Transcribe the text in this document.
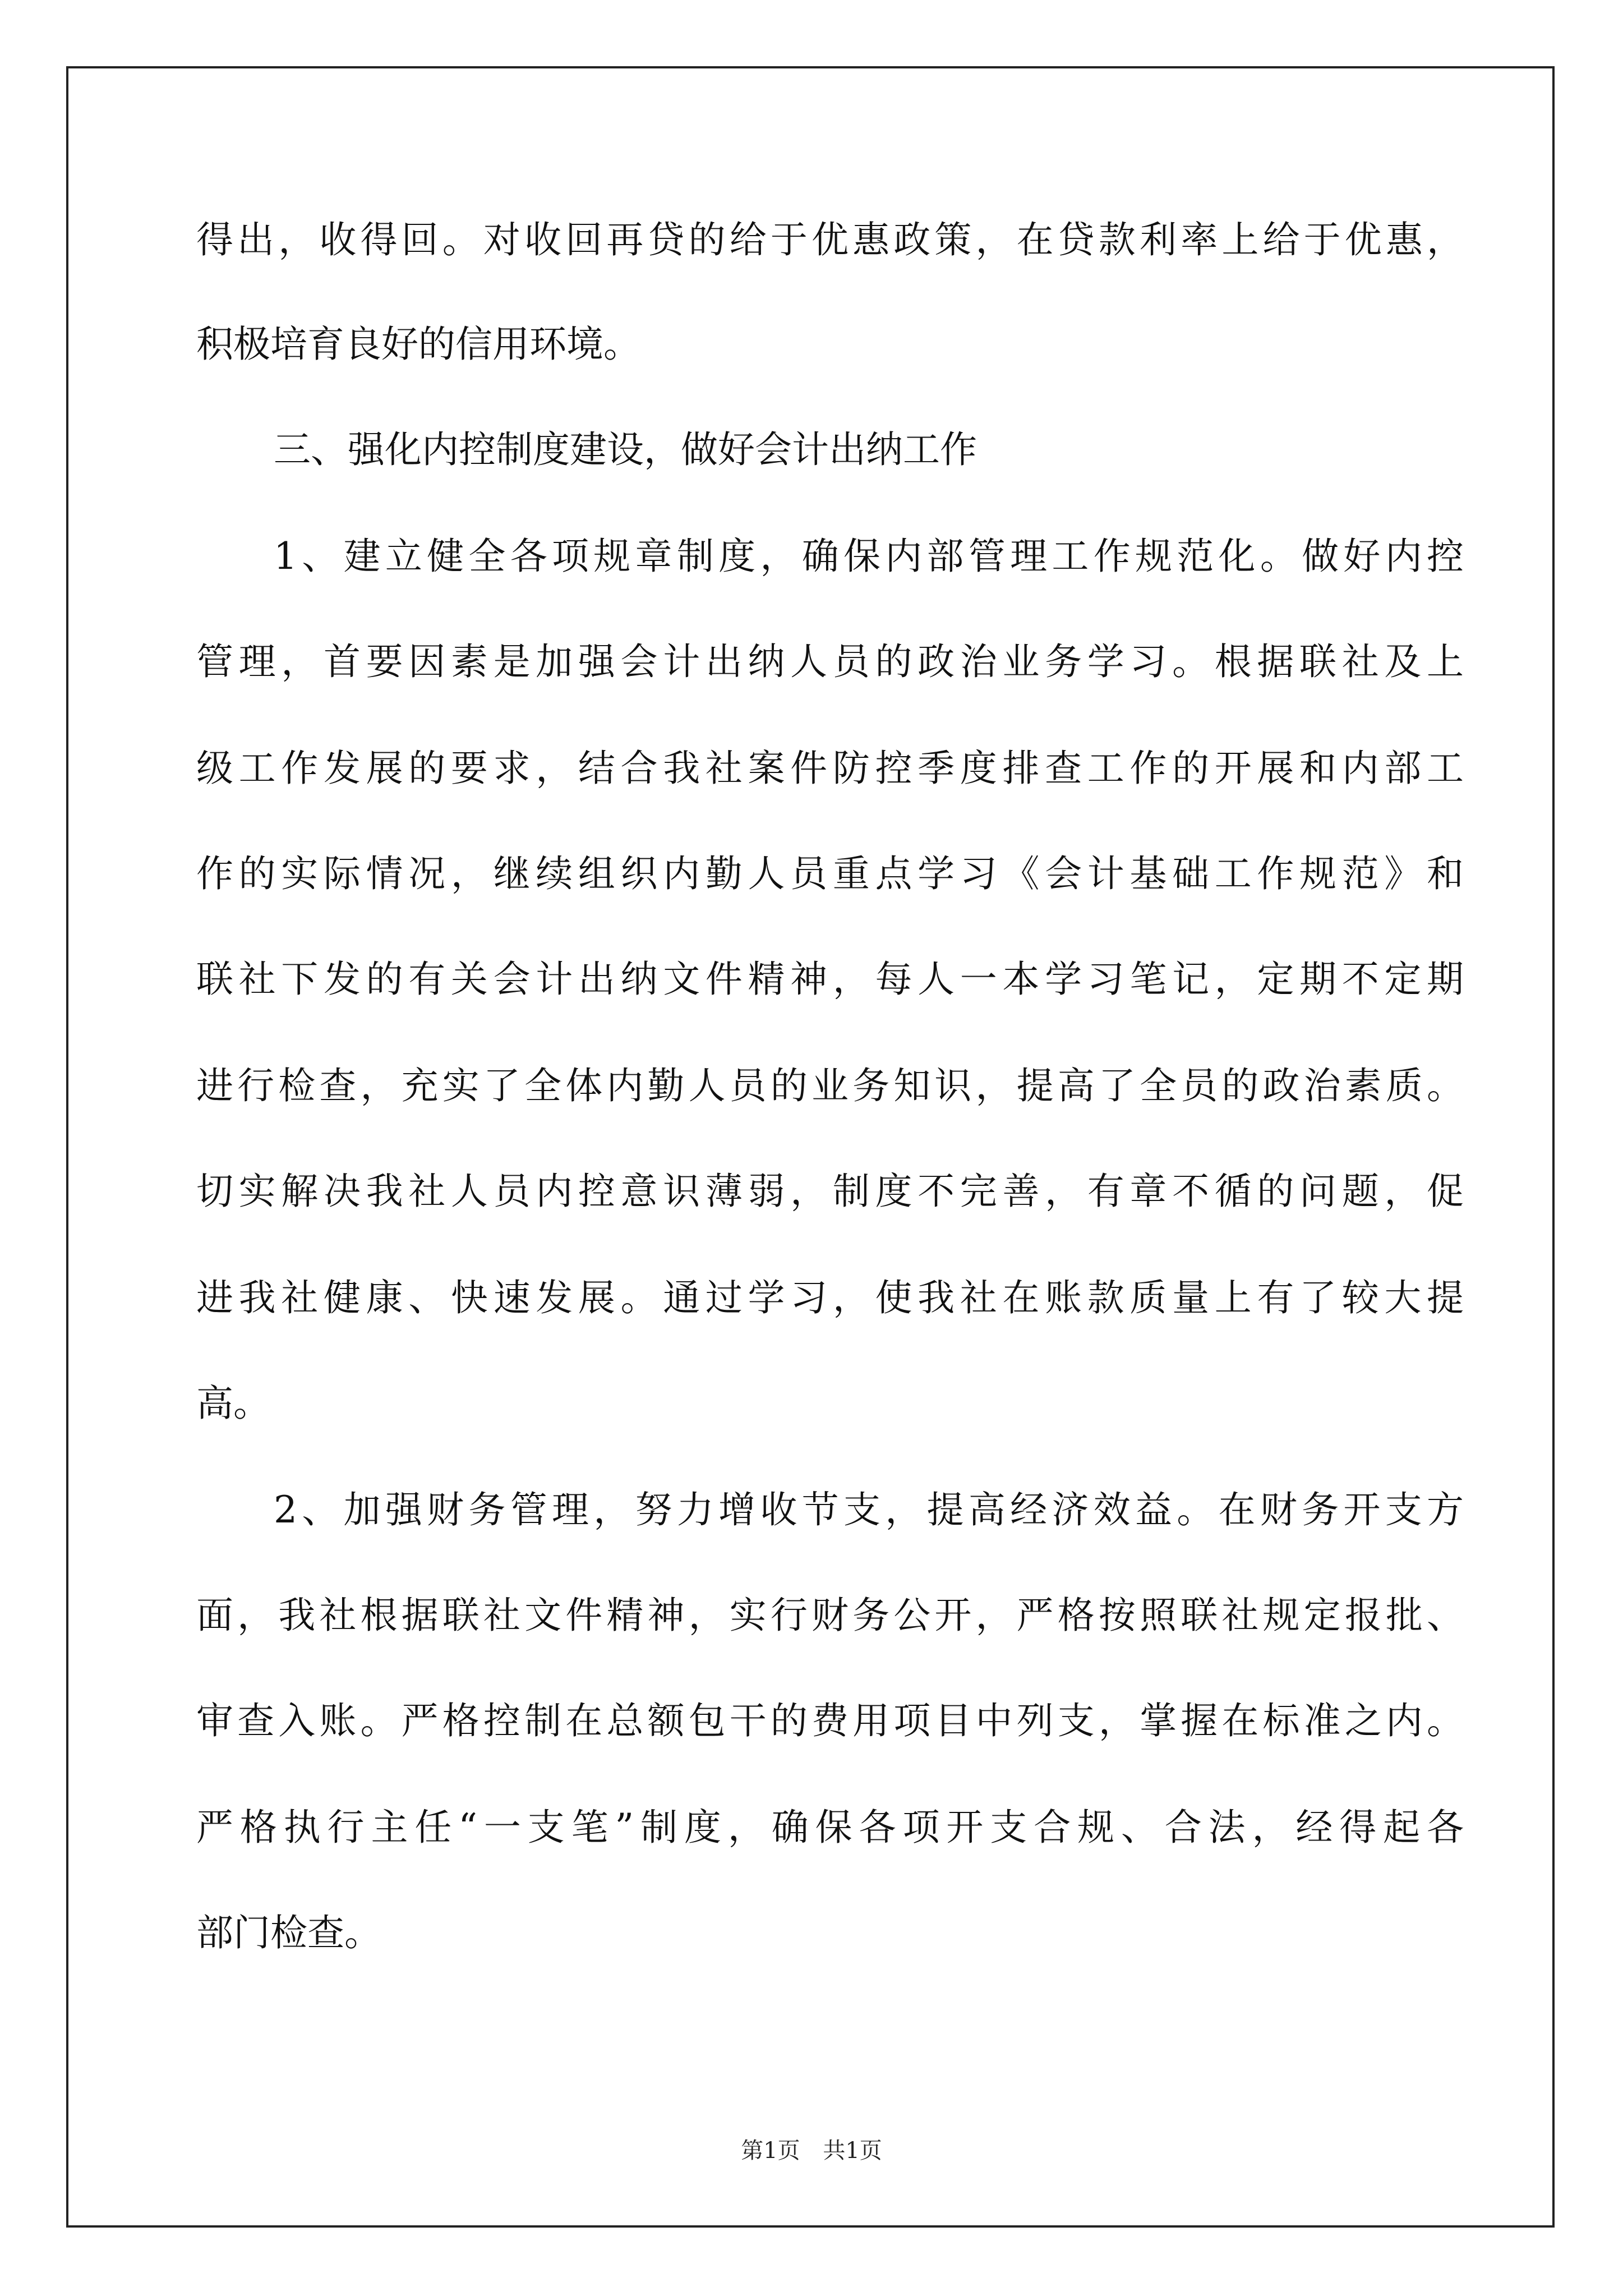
得出，收得回。对收回再贷的给于优惠政策，在贷款利率上给于优惠，
积极培育良好的信用环境。
三、强化内控制度建设，做好会计出纳工作
1、建立健全各项规章制度，确保内部管理工作规范化。做好内控
管理，首要因素是加强会计出纳人员的政治业务学习。根据联社及上
级工作发展的要求，结合我社案件防控季度排查工作的开展和内部工
作的实际情况，继续组织内勤人员重点学习《会计基础工作规范》和
联社下发的有关会计出纳文件精神，每人一本学习笔记，定期不定期
进行检查，充实了全体内勤人员的业务知识，提高了全员的政治素质。
切实解决我社人员内控意识薄弱，制度不完善，有章不循的问题，促
进我社健康、快速发展。通过学习，使我社在账款质量上有了较大提
高。
2、加强财务管理，努力增收节支，提高经济效益。在财务开支方
面，我社根据联社文件精神，实行财务公开，严格按照联社规定报批、
审查入账。严格控制在总额包干的费用项目中列支，掌握在标准之内。
严格执行主任“一支笔”制度，确保各项开支合规、合法，经得起各
部门检查。
第1页 共1页
